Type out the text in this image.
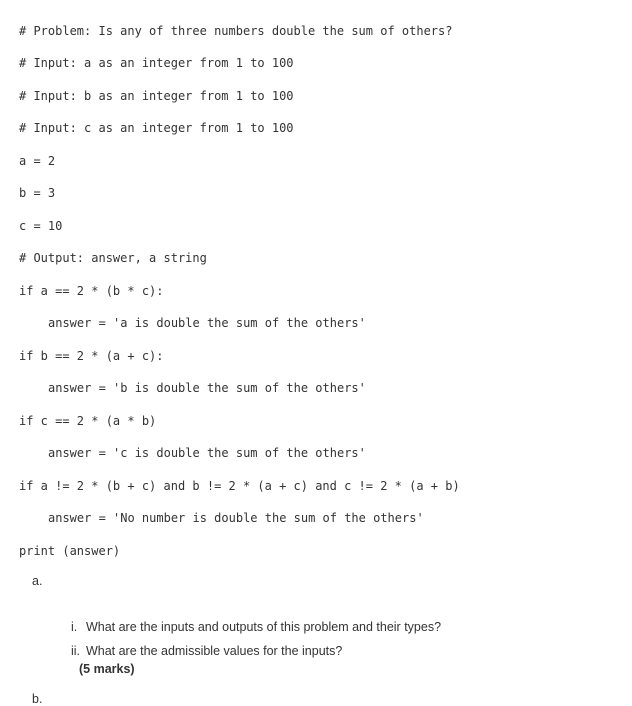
# Problem: Is any of three numbers double the sum of others?
# Input: a as an integer from 1 to 100
# Input: b as an integer from 1 to 100
# Input: c as an integer from 1 to 100
a = 2
b = 3
c = 10
# Output: answer, a string
if a == 2 * (b * c):
answer = 'a is double the sum of the others'
if b == 2 * (a + c):
answer = 'b is double the sum of the others'
if c == 2 * (a * b)
answer = 'c is double the sum of the others'
if a != 2 * (b + c) and b != 2 * (a + c) and c != 2 * (a + b)
answer = 'No number is double the sum of the others'
print (answer)
a.

i. What are the inputs and outputs of this problem and their types?

ii. What are the admissible values for the inputs?

(5 marks)
b.
